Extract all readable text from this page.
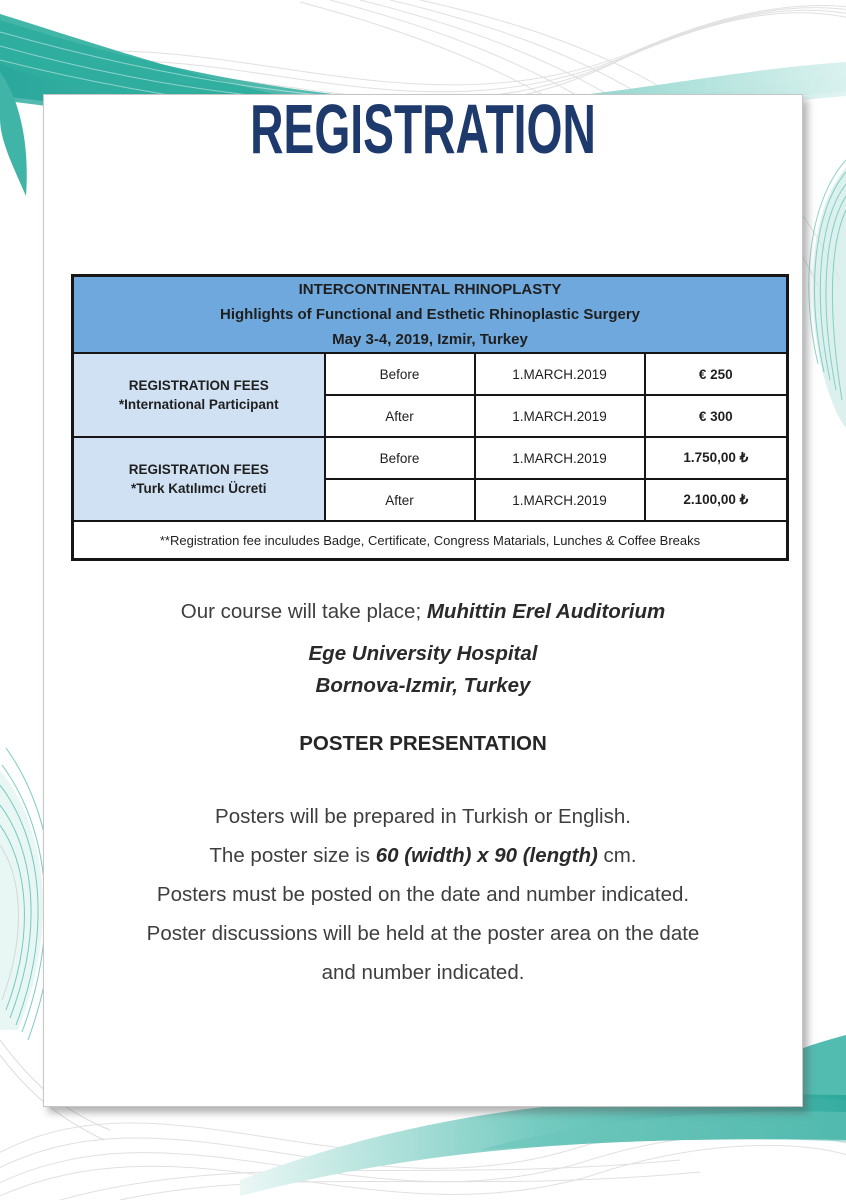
REGISTRATION
INTERCONTINENTAL RHINOPLASTY
Highlights of Functional and Esthetic Rhinoplastic Surgery
May 3-4, 2019, Izmir, Turkey			

REGISTRATION FEES
*International Participant	Before	1.MARCH.2019	€ 250
	After	1.MARCH.2019	€ 300

REGISTRATION FEES
*Turk Katılımcı Ücreti	Before	1.MARCH.2019	1.750,00 ₺
	After	1.MARCH.2019	2.100,00 ₺
**Registration fee inculudes Badge, Certificate, Congress Matarials, Lunches & Coffee Breaks			

Our course will take place; Muhittin Erel Auditorium

Ege University Hospital
Bornova-Izmir, Turkey

POSTER PRESENTATION
Posters will be prepared in Turkish or English.
The poster size is 60 (width) x 90 (length) cm.
Posters must be posted on the date and number indicated.
Poster discussions will be held at the poster area on the date
and number indicated.
